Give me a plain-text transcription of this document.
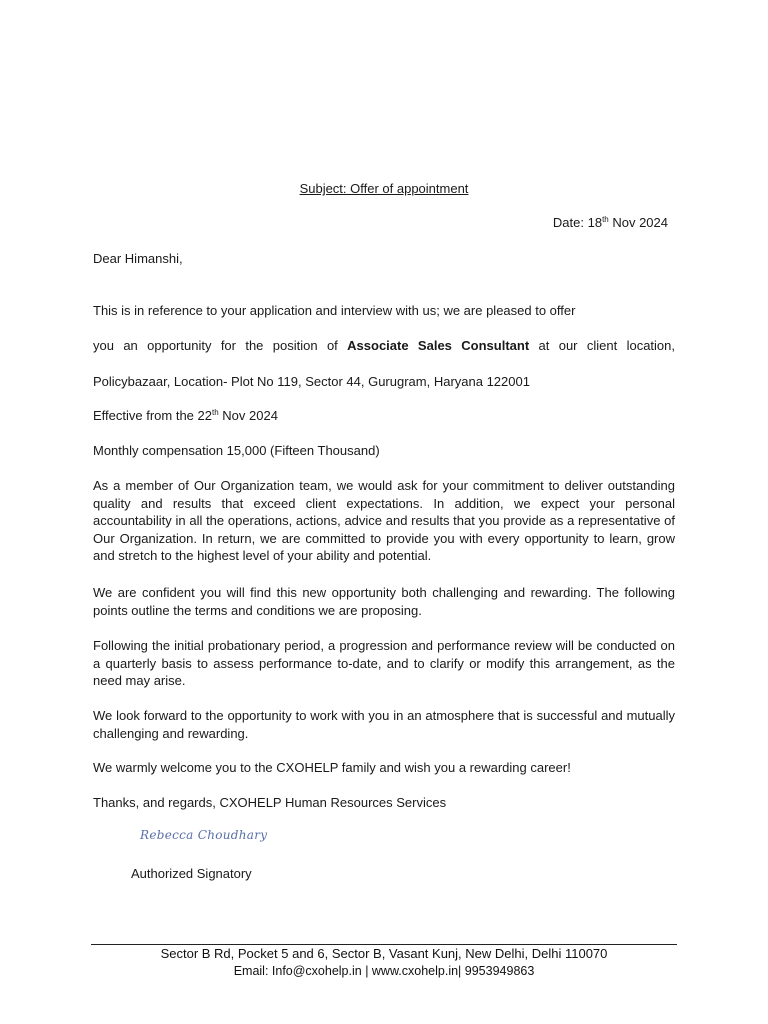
Subject: Offer of appointment
Date: 18th Nov 2024
Dear Himanshi,
This is in reference to your application and interview with us; we are pleased to offer
you an opportunity for the position of Associate Sales Consultant at our client location,
Policybazaar, Location- Plot No 119, Sector 44, Gurugram, Haryana 122001
Effective from the 22th Nov 2024
Monthly compensation 15,000 (Fifteen Thousand)
As a member of Our Organization team, we would ask for your commitment to deliver outstanding quality and results that exceed client expectations. In addition, we expect your personal accountability in all the operations, actions, advice and results that you provide as a representative of Our Organization. In return, we are committed to provide you with every opportunity to learn, grow and stretch to the highest level of your ability and potential.
We are confident you will find this new opportunity both challenging and rewarding. The following points outline the terms and conditions we are proposing.
Following the initial probationary period, a progression and performance review will be conducted on a quarterly basis to assess performance to-date, and to clarify or modify this arrangement, as the need may arise.
We look forward to the opportunity to work with you in an atmosphere that is successful and mutually challenging and rewarding.
We warmly welcome you to the CXOHELP family and wish you a rewarding career!
Thanks, and regards, CXOHELP Human Resources Services
Rebecca Choudhary
Authorized Signatory
Sector B Rd, Pocket 5 and 6, Sector B, Vasant Kunj, New Delhi, Delhi 110070
Email: Info@cxohelp.in | www.cxohelp.in| 9953949863
